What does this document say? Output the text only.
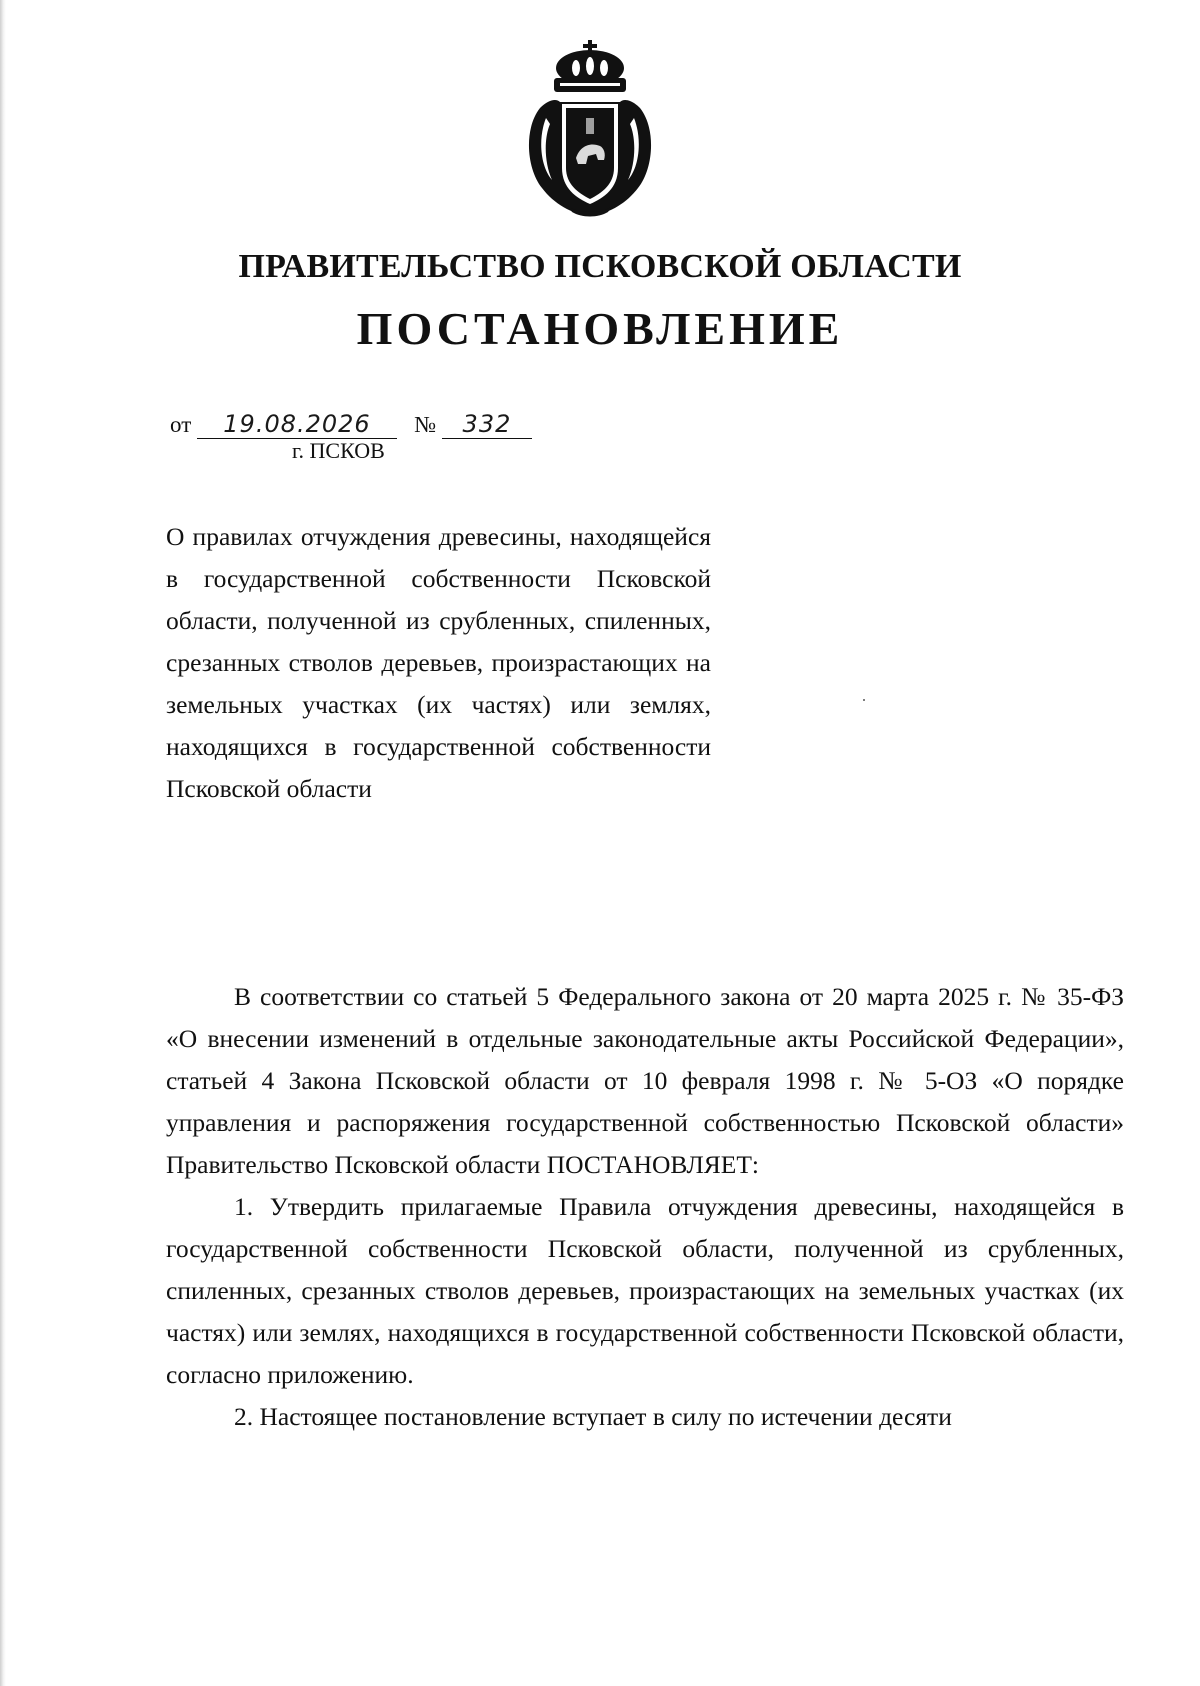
ПРАВИТЕЛЬСТВО ПСКОВСКОЙ ОБЛАСТИ
ПОСТАНОВЛЕНИЕ
от 19.08.2026 № 332
г. ПСКОВ
О правилах отчуждения древесины, находящейся в государственной собственности Псковской области, полученной из срубленных, спиленных, срезанных стволов деревьев, произрастающих на земельных участках (их частях) или землях, находящихся в государственной собственности Псковской области

В соответствии со статьей 5 Федерального закона от 20 марта 2025 г. № 35-ФЗ «О внесении изменений в отдельные законодательные акты Российской Федерации», статьей 4 Закона Псковской области от 10 февраля 1998 г. № 5-ОЗ «О порядке управления и распоряжения государственной собственностью Псковской области» Правительство Псковской области ПОСТАНОВЛЯЕТ:

1. Утвердить прилагаемые Правила отчуждения древесины, находящейся в государственной собственности Псковской области, полученной из срубленных, спиленных, срезанных стволов деревьев, произрастающих на земельных участках (их частях) или землях, находящихся в государственной собственности Псковской области, согласно приложению.

2. Настоящее постановление вступает в силу по истечении десяти
